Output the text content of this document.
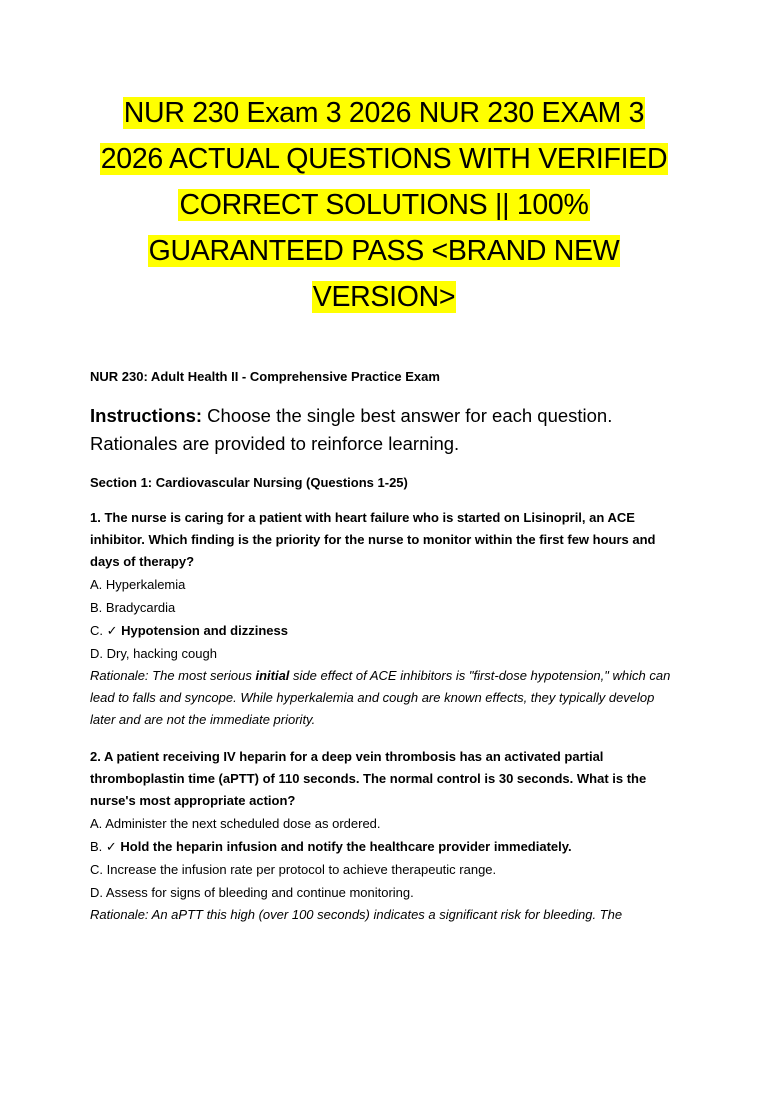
NUR 230 Exam 3 2026 NUR 230 EXAM 3
2026 ACTUAL QUESTIONS WITH VERIFIED
CORRECT SOLUTIONS || 100%
GUARANTEED PASS <BRAND NEW
VERSION>
NUR 230: Adult Health II - Comprehensive Practice Exam
Instructions: Choose the single best answer for each question.
Rationales are provided to reinforce learning.
Section 1: Cardiovascular Nursing (Questions 1-25)
1. The nurse is caring for a patient with heart failure who is started on Lisinopril, an ACE inhibitor. Which finding is the priority for the nurse to monitor within the first few hours and days of therapy?
A. Hyperkalemia
B. Bradycardia
C. ✓ Hypotension and dizziness
D. Dry, hacking cough
Rationale: The most serious initial side effect of ACE inhibitors is "first-dose hypotension," which can lead to falls and syncope. While hyperkalemia and cough are known effects, they typically develop later and are not the immediate priority.
2. A patient receiving IV heparin for a deep vein thrombosis has an activated partial thromboplastin time (aPTT) of 110 seconds. The normal control is 30 seconds. What is the nurse's most appropriate action?
A. Administer the next scheduled dose as ordered.
B. ✓ Hold the heparin infusion and notify the healthcare provider immediately.
C. Increase the infusion rate per protocol to achieve therapeutic range.
D. Assess for signs of bleeding and continue monitoring.
Rationale: An aPTT this high (over 100 seconds) indicates a significant risk for bleeding. The
